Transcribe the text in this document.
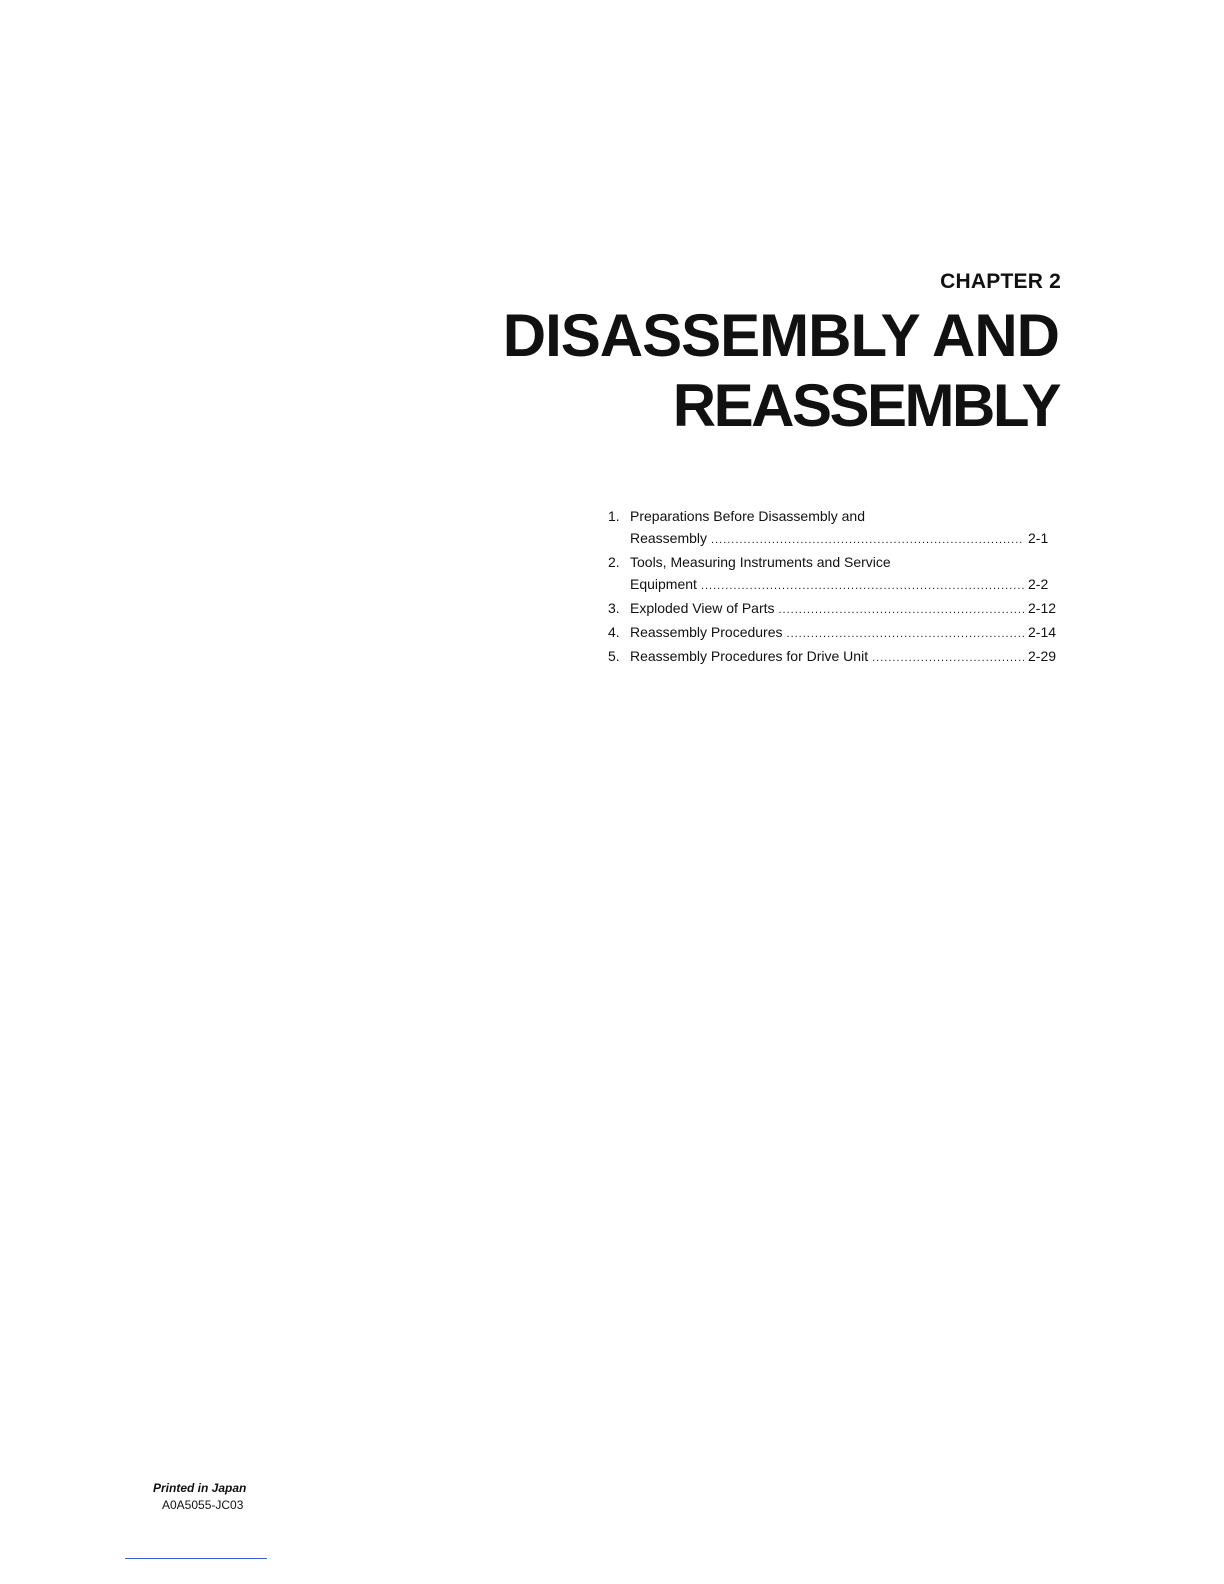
CHAPTER 2
DISASSEMBLY AND
REASSEMBLY
1. Preparations Before Disassembly and
Reassembly .....	2-1
2. Tools, Measuring Instruments and Service
Equipment .....	2-2
3. Exploded View of Parts .....	2-12
4. Reassembly Procedures .....	2-14
5. Reassembly Procedures for Drive Unit .....	2-29
Printed in Japan
A0A5055-JC03
